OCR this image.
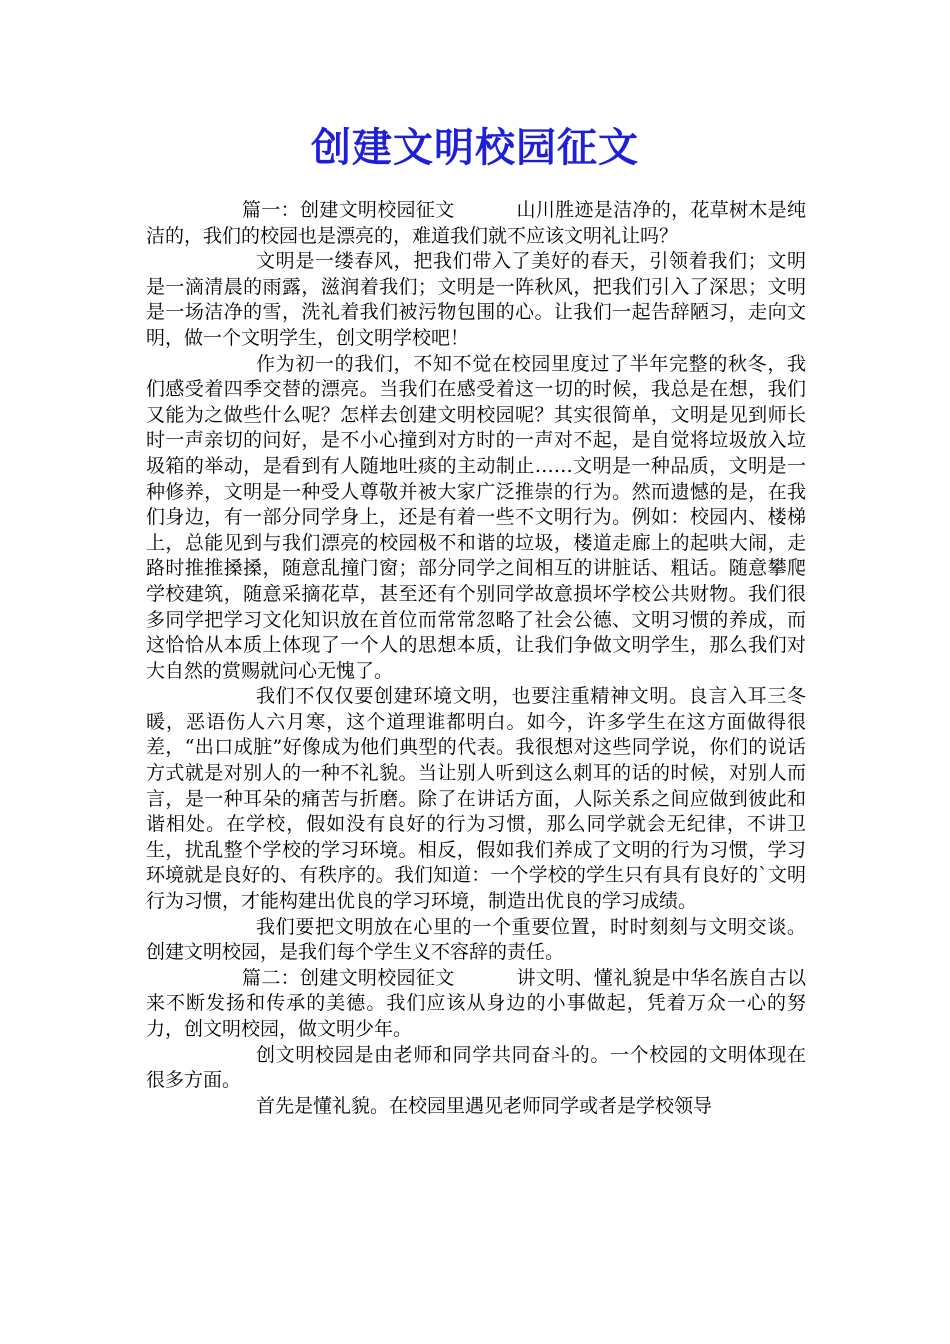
创建文明校园征文

篇一：创建文明校园征文	山川胜迹是洁净的，花草树木是纯洁的，我们的校园也是漂亮的，难道我们就不应该文明礼让吗？

文明是一缕春风，把我们带入了美好的春天，引领着我们；文明是一滴清晨的雨露，滋润着我们；文明是一阵秋风，把我们引入了深思；文明是一场洁净的雪，洗礼着我们被污物包围的心。让我们一起告辞陋习，走向文明，做一个文明学生，创文明学校吧！

作为初一的我们，不知不觉在校园里度过了半年完整的秋冬，我们感受着四季交替的漂亮。当我们在感受着这一切的时候，我总是在想，我们又能为之做些什么呢？怎样去创建文明校园呢？其实很简单，文明是见到师长时一声亲切的问好，是不小心撞到对方时的一声对不起，是自觉将垃圾放入垃圾箱的举动，是看到有人随地吐痰的主动制止……文明是一种品质，文明是一种修养，文明是一种受人尊敬并被大家广泛推崇的行为。然而遗憾的是，在我们身边，有一部分同学身上，还是有着一些不文明行为。例如：校园内、楼梯上，总能见到与我们漂亮的校园极不和谐的垃圾，楼道走廊上的起哄大闹，走路时推推搡搡，随意乱撞门窗；部分同学之间相互的讲脏话、粗话。随意攀爬学校建筑，随意采摘花草，甚至还有个别同学故意损坏学校公共财物。我们很多同学把学习文化知识放在首位而常常忽略了社会公德、文明习惯的养成，而这恰恰从本质上体现了一个人的思想本质，让我们争做文明学生，那么我们对大自然的赏赐就问心无愧了。

我们不仅仅要创建环境文明，也要注重精神文明。良言入耳三冬暖，恶语伤人六月寒，这个道理谁都明白。如今，许多学生在这方面做得很差，“出口成脏”好像成为他们典型的代表。我很想对这些同学说，你们的说话方式就是对别人的一种不礼貌。当让别人听到这么刺耳的话的时候，对别人而言，是一种耳朵的痛苦与折磨。除了在讲话方面，人际关系之间应做到彼此和谐相处。在学校，假如没有良好的行为习惯，那么同学就会无纪律，不讲卫生，扰乱整个学校的学习环境。相反，假如我们养成了文明的行为习惯，学习环境就是良好的、有秩序的。我们知道：一个学校的学生只有具有良好的`文明行为习惯，才能构建出优良的学习环境，制造出优良的学习成绩。

我们要把文明放在心里的一个重要位置，时时刻刻与文明交谈。创建文明校园，是我们每个学生义不容辞的责任。

篇二：创建文明校园征文	讲文明、懂礼貌是中华名族自古以来不断发扬和传承的美德。我们应该从身边的小事做起，凭着万众一心的努力，创文明校园，做文明少年。

创文明校园是由老师和同学共同奋斗的。一个校园的文明体现在很多方面。

首先是懂礼貌。在校园里遇见老师同学或者是学校领导
